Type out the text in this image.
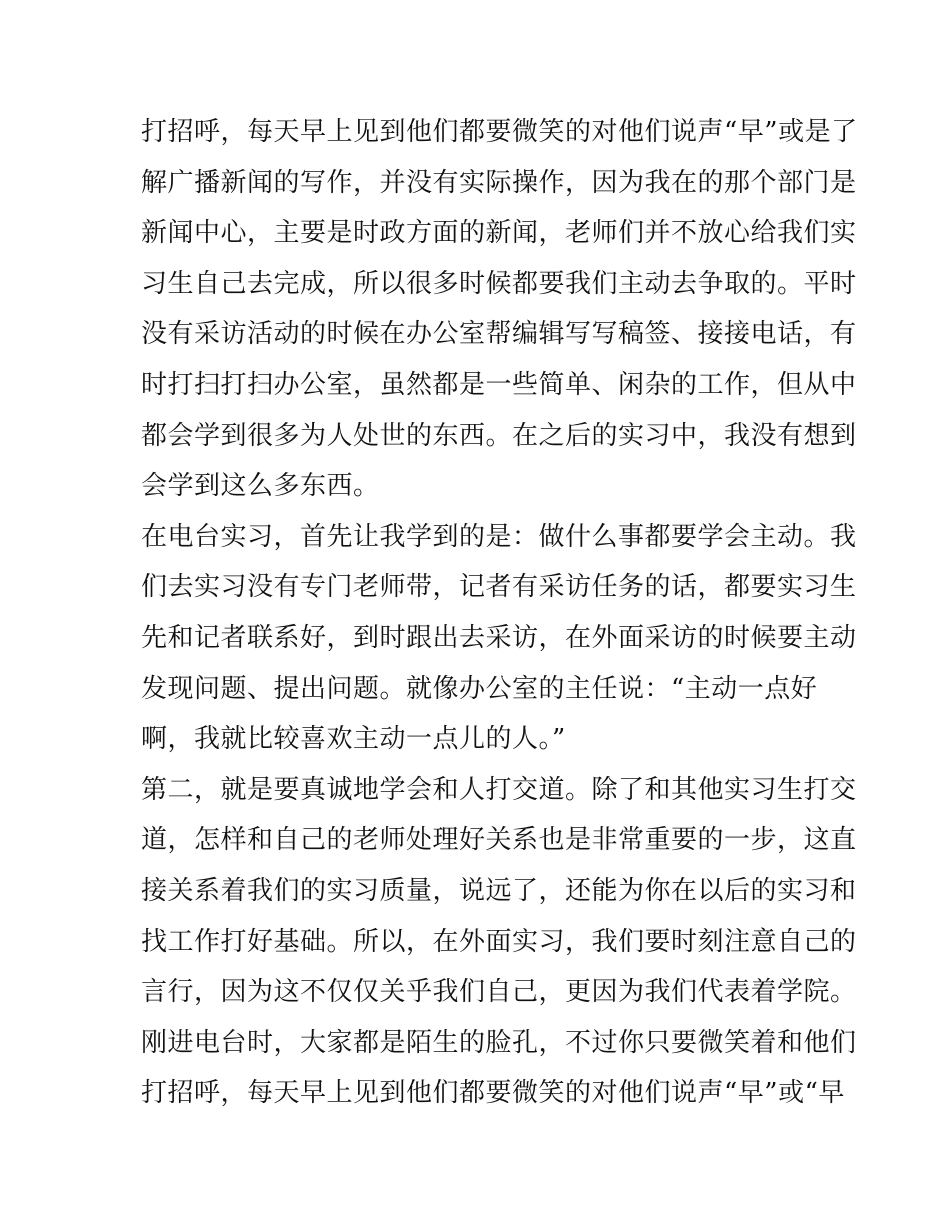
打招呼，每天早上见到他们都要微笑的对他们说声“早”或是了
解广播新闻的写作，并没有实际操作，因为我在的那个部门是
新闻中心，主要是时政方面的新闻，老师们并不放心给我们实
习生自己去完成，所以很多时候都要我们主动去争取的。平时
没有采访活动的时候在办公室帮编辑写写稿签、接接电话，有
时打扫打扫办公室，虽然都是一些简单、闲杂的工作，但从中
都会学到很多为人处世的东西。在之后的实习中，我没有想到
会学到这么多东西。
在电台实习，首先让我学到的是：做什么事都要学会主动。我
们去实习没有专门老师带，记者有采访任务的话，都要实习生
先和记者联系好，到时跟出去采访，在外面采访的时候要主动
发现问题、提出问题。就像办公室的主任说：“主动一点好
啊，我就比较喜欢主动一点儿的人。”
第二，就是要真诚地学会和人打交道。除了和其他实习生打交
道，怎样和自己的老师处理好关系也是非常重要的一步，这直
接关系着我们的实习质量，说远了，还能为你在以后的实习和
找工作打好基础。所以，在外面实习，我们要时刻注意自己的
言行，因为这不仅仅关乎我们自己，更因为我们代表着学院。
刚进电台时，大家都是陌生的脸孔，不过你只要微笑着和他们
打招呼，每天早上见到他们都要微笑的对他们说声“早”或“早
